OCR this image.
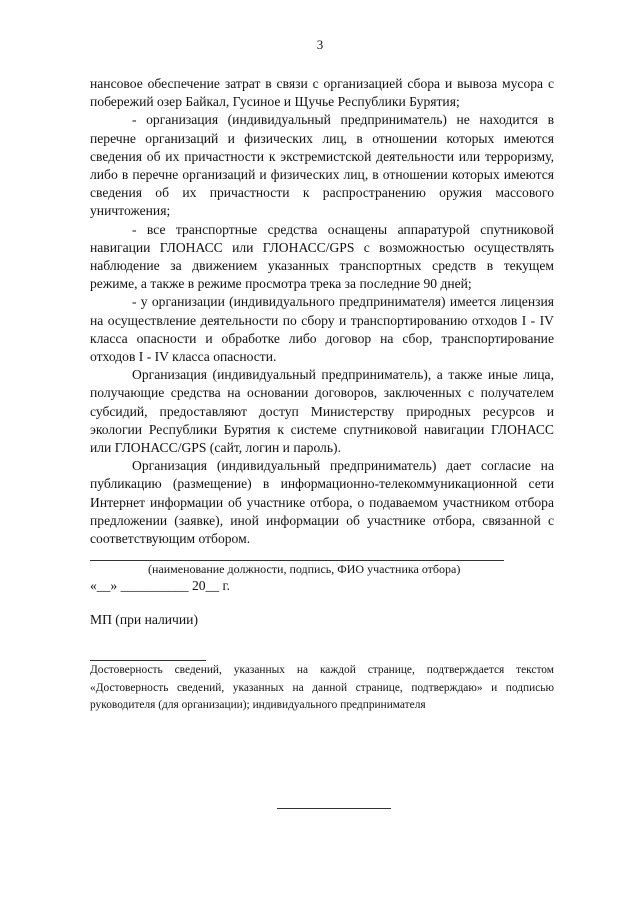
3

нансовое обеспечение затрат в связи с организацией сбора и вывоза мусора с побережий озер Байкал, Гусиное и Щучье Республики Бурятия;

- организация (индивидуальный предприниматель) не находится в перечне организаций и физических лиц, в отношении которых имеются сведения об их причастности к экстремистской деятельности или терроризму, либо в перечне организаций и физических лиц, в отношении которых имеются сведения об их причастности к распространению оружия массового уничтожения;

- все транспортные средства оснащены аппаратурой спутниковой навигации ГЛОНАСС или ГЛОНАСС/GPS с возможностью осуществлять наблюдение за движением указанных транспортных средств в текущем режиме, а также в режиме просмотра трека за последние 90 дней;

- у организации (индивидуального предпринимателя) имеется лицензия на осуществление деятельности по сбору и транспортированию отходов I - IV класса опасности и обработке либо договор на сбор, транспортирование отходов I - IV класса опасности.

Организация (индивидуальный предприниматель), а также иные лица, получающие средства на основании договоров, заключенных с получателем субсидий, предоставляют доступ Министерству природных ресурсов и экологии Республики Бурятия к системе спутниковой навигации ГЛОНАСС или ГЛОНАСС/GPS (сайт, логин и пароль).

Организация (индивидуальный предприниматель) дает согласие на публикацию (размещение) в информационно-телекоммуникационной сети Интернет информации об участнике отбора, о подаваемом участником отбора предложении (заявке), иной информации об участнике отбора, связанной с соответствующим отбором.

(наименование должности, подпись, ФИО участника отбора)
«__» __________ 20__ г.
МП (при наличии)
Достоверность сведений, указанных на каждой странице, подтверждается текстом «Достоверность сведений, указанных на данной странице, подтверждаю» и подписью руководителя (для организации); индивидуального предпринимателя
